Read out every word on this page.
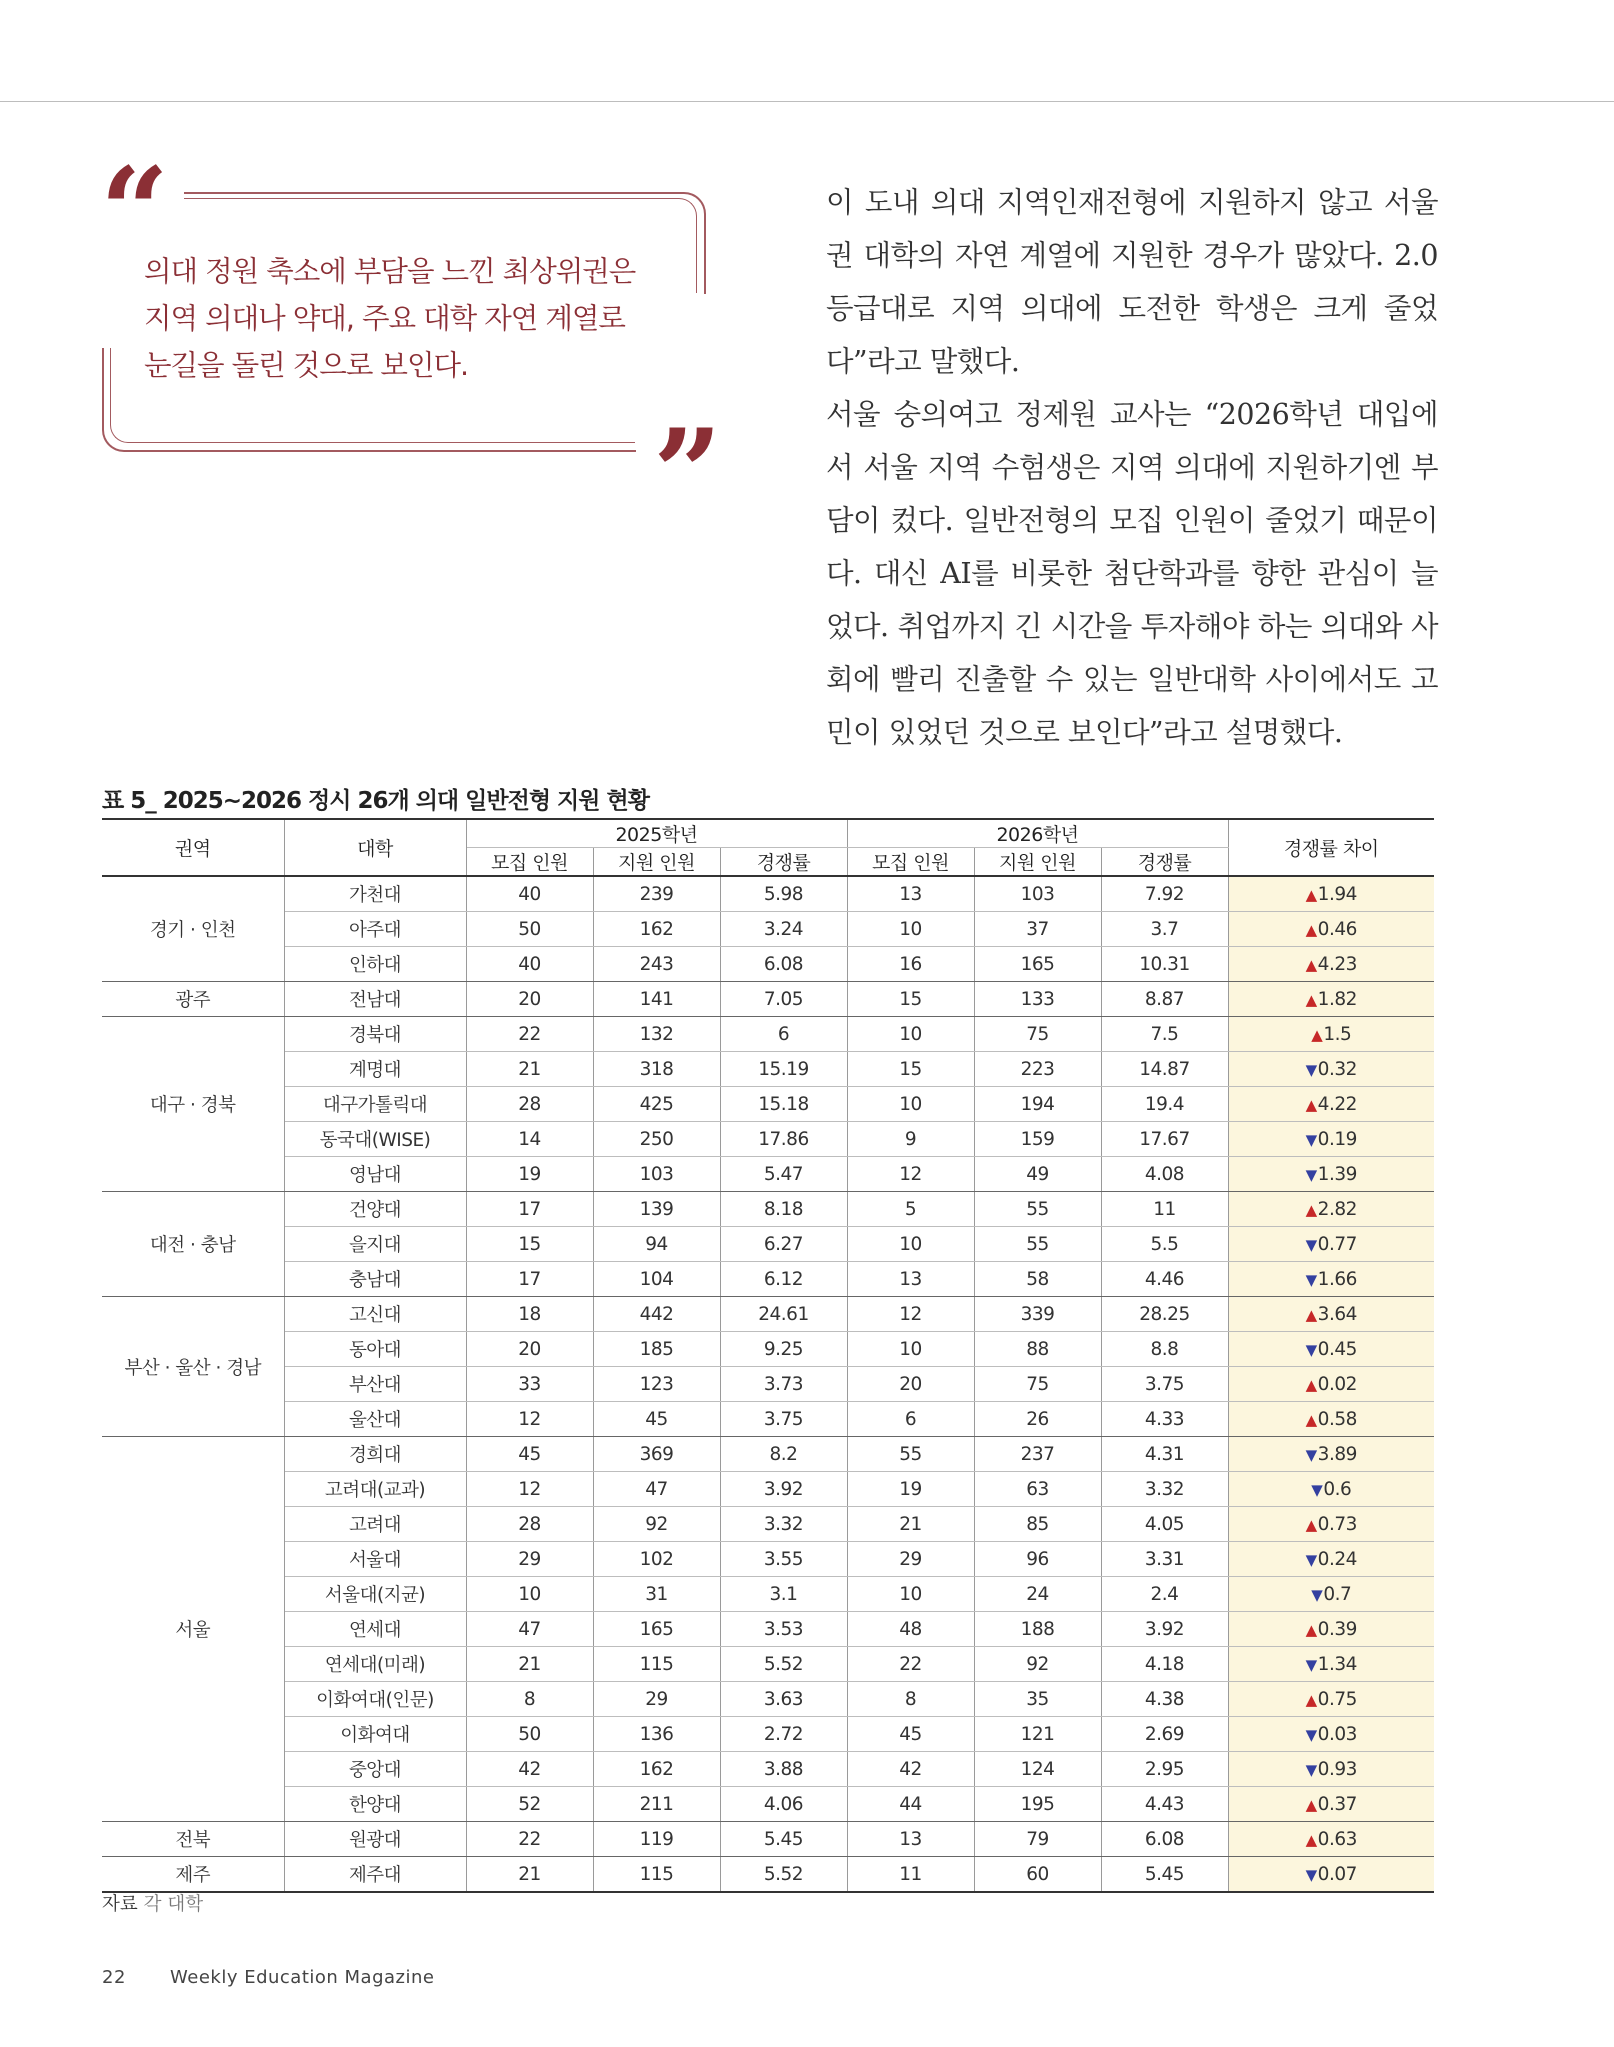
“
의대 정원 축소에 부담을 느낀 최상위권은
지역 의대나 약대, 주요 대학 자연 계열로
눈길을 돌린 것으로 보인다.
”

이 도내 의대 지역인재전형에 지원하지 않고 서울권 대학의 자연 계열에 지원한 경우가 많았다. 2.0등급대로 지역 의대에 도전한 학생은 크게 줄었다”라고 말했다.

서울 숭의여고 정제원 교사는 “2026학년 대입에서 서울 지역 수험생은 지역 의대에 지원하기엔 부담이 컸다. 일반전형의 모집 인원이 줄었기 때문이다. 대신 AI를 비롯한 첨단학과를 향한 관심이 늘었다. 취업까지 긴 시간을 투자해야 하는 의대와 사회에 빨리 진출할 수 있는 일반대학 사이에서도 고민이 있었던 것으로 보인다”라고 설명했다.

표 5_ 2025~2026 정시 26개 의대 일반전형 지원 현황
권역	대학	2025학년			2026학년			경쟁률 차이
		모집 인원	지원 인원	경쟁률	모집 인원	지원 인원	경쟁률	
경기 · 인천	가천대	40	239	5.98	13	103	7.92	▲1.94
	아주대	50	162	3.24	10	37	3.7	▲0.46
	인하대	40	243	6.08	16	165	10.31	▲4.23
광주	전남대	20	141	7.05	15	133	8.87	▲1.82
대구 · 경북	경북대	22	132	6	10	75	7.5	▲1.5
	계명대	21	318	15.19	15	223	14.87	▼0.32
	대구가톨릭대	28	425	15.18	10	194	19.4	▲4.22
	동국대(WISE)	14	250	17.86	9	159	17.67	▼0.19
	영남대	19	103	5.47	12	49	4.08	▼1.39
대전 · 충남	건양대	17	139	8.18	5	55	11	▲2.82
	을지대	15	94	6.27	10	55	5.5	▼0.77
	충남대	17	104	6.12	13	58	4.46	▼1.66
부산 · 울산 · 경남	고신대	18	442	24.61	12	339	28.25	▲3.64
	동아대	20	185	9.25	10	88	8.8	▼0.45
	부산대	33	123	3.73	20	75	3.75	▲0.02
	울산대	12	45	3.75	6	26	4.33	▲0.58
서울	경희대	45	369	8.2	55	237	4.31	▼3.89
	고려대(교과)	12	47	3.92	19	63	3.32	▼0.6
	고려대	28	92	3.32	21	85	4.05	▲0.73
	서울대	29	102	3.55	29	96	3.31	▼0.24
	서울대(지균)	10	31	3.1	10	24	2.4	▼0.7
	연세대	47	165	3.53	48	188	3.92	▲0.39
	연세대(미래)	21	115	5.52	22	92	4.18	▼1.34
	이화여대(인문)	8	29	3.63	8	35	4.38	▲0.75
	이화여대	50	136	2.72	45	121	2.69	▼0.03
	중앙대	42	162	3.88	42	124	2.95	▼0.93
	한양대	52	211	4.06	44	195	4.43	▲0.37
전북	원광대	22	119	5.45	13	79	6.08	▲0.63
제주	제주대	21	115	5.52	11	60	5.45	▼0.07
자료 각 대학
22 Weekly Education Magazine
